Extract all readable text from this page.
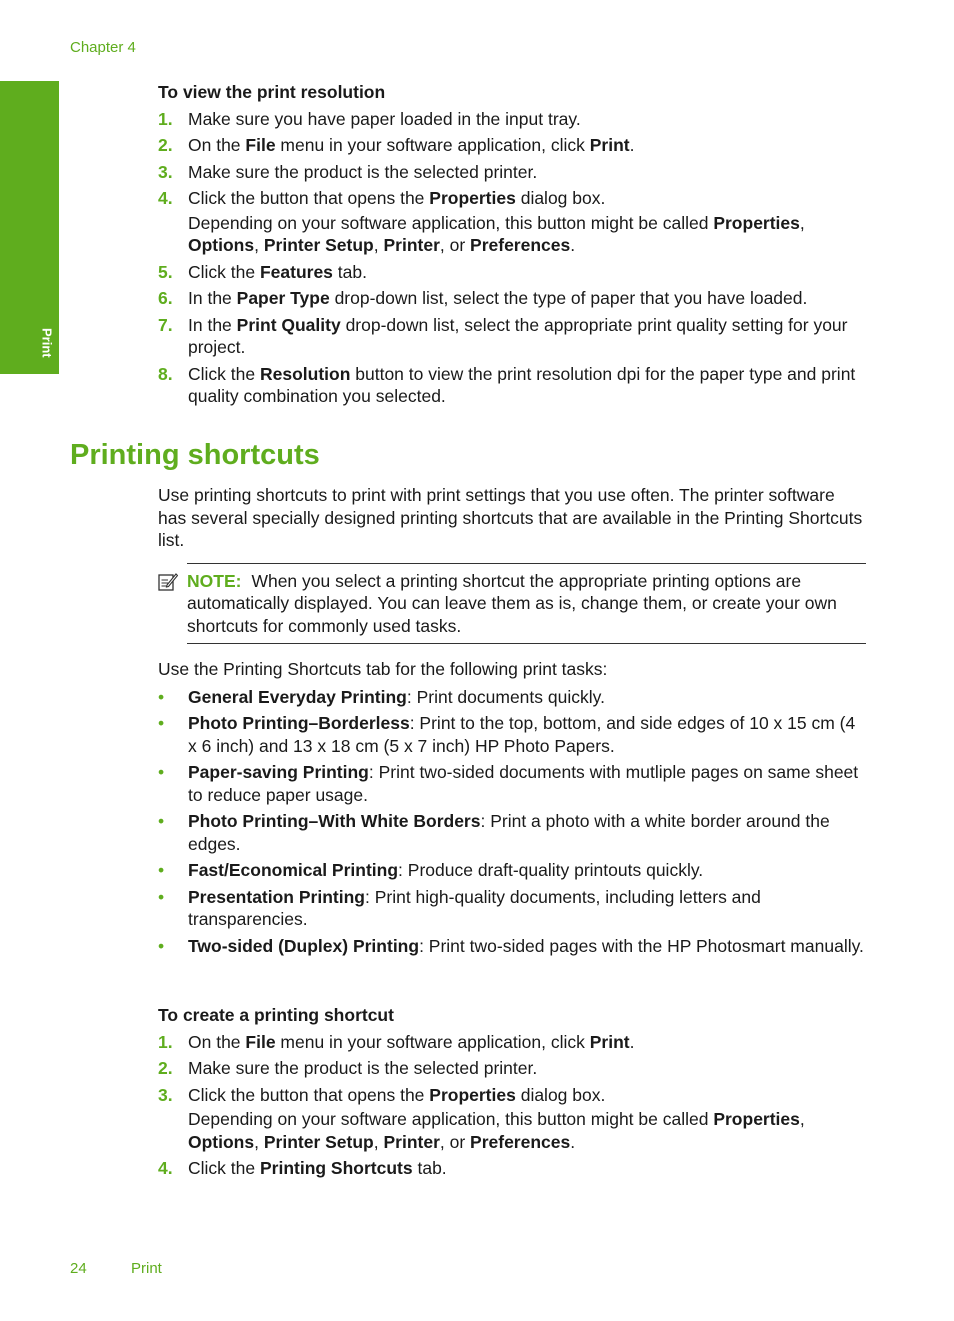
Chapter 4
Print
To view the print resolution
1. Make sure you have paper loaded in the input tray.
2. On the File menu in your software application, click Print.
3. Make sure the product is the selected printer.
4. Click the button that opens the Properties dialog box.
Depending on your software application, this button might be called Properties, Options, Printer Setup, Printer, or Preferences.
5. Click the Features tab.
6. In the Paper Type drop-down list, select the type of paper that you have loaded.
7. In the Print Quality drop-down list, select the appropriate print quality setting for your project.
8. Click the Resolution button to view the print resolution dpi for the paper type and print quality combination you selected.
Printing shortcuts

Use printing shortcuts to print with print settings that you use often. The printer software has several specially designed printing shortcuts that are available in the Printing Shortcuts list.

NOTE: When you select a printing shortcut the appropriate printing options are automatically displayed. You can leave them as is, change them, or create your own shortcuts for commonly used tasks.

Use the Printing Shortcuts tab for the following print tasks:

• General Everyday Printing: Print documents quickly.
• Photo Printing–Borderless: Print to the top, bottom, and side edges of 10 x 15 cm (4 x 6 inch) and 13 x 18 cm (5 x 7 inch) HP Photo Papers.
• Paper-saving Printing: Print two-sided documents with mutliple pages on same sheet to reduce paper usage.
• Photo Printing–With White Borders: Print a photo with a white border around the edges.
• Fast/Economical Printing: Produce draft-quality printouts quickly.
• Presentation Printing: Print high-quality documents, including letters and transparencies.
• Two-sided (Duplex) Printing: Print two-sided pages with the HP Photosmart manually.
To create a printing shortcut
1. On the File menu in your software application, click Print.
2. Make sure the product is the selected printer.
3. Click the button that opens the Properties dialog box.
Depending on your software application, this button might be called Properties, Options, Printer Setup, Printer, or Preferences.
4. Click the Printing Shortcuts tab.
24	Print
